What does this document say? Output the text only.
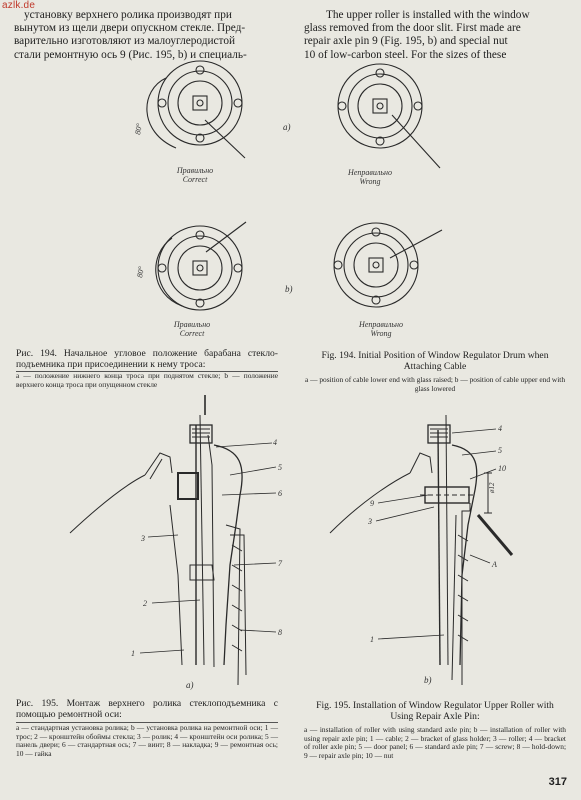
azlk.de
установку верхнего ролика производят при
вынутом из щели двери опускном стекле. Пред-
варительно изготовляют из малоуглеродистой
стали ремонтную ось 9 (Рис. 195, b) и специаль-
The upper roller is installed with the window
glass removed from the door slit. First made are
repair axle pin 9 (Fig. 195, b) and special nut
10 of low-carbon steel. For the sizes of these
80°
80°
a)
b)
Правильно
Correct
Неправильно
Wrong
Правильно
Correct
Неправильно
Wrong
Рис. 194. Начальное угловое положение барабана стекло-подъемника при присоединении к нему троса:
a — положение нижнего конца троса при поднятом стекле; b — положение верхнего конца троса при опущенном стекле
Fig. 194. Initial Position of Window Regulator Drum when Attaching Cable
a — position of cable lower end with glass raised; b — position of cable upper end with glass lowered
4
5
6
3
7
2
8
1
4
5
10
9
3
1
A
ø12
a)	b)
Рис. 195. Монтаж верхнего ролика стеклоподъемника с помощью ремонтной оси:
a — стандартная установка ролика; b — установка ролика на ремонтной оси; 1 — трос; 2 — кронштейн обоймы стекла; 3 — ролик; 4 — кронштейн оси ролика; 5 — панель двери; 6 — стандартная ось; 7 — винт; 8 — накладка; 9 — ремонтная ось; 10 — гайка
Fig. 195. Installation of Window Regulator Upper Roller with Using Repair Axle Pin:
a — installation of roller with using standard axle pin; b — installation of roller with using repair axle pin; 1 — cable; 2 — bracket of glass holder; 3 — roller; 4 — bracket of roller axle pin; 5 — door panel; 6 — standard axle pin; 7 — screw; 8 — hold-down; 9 — repair axle pin; 10 — nut
317
